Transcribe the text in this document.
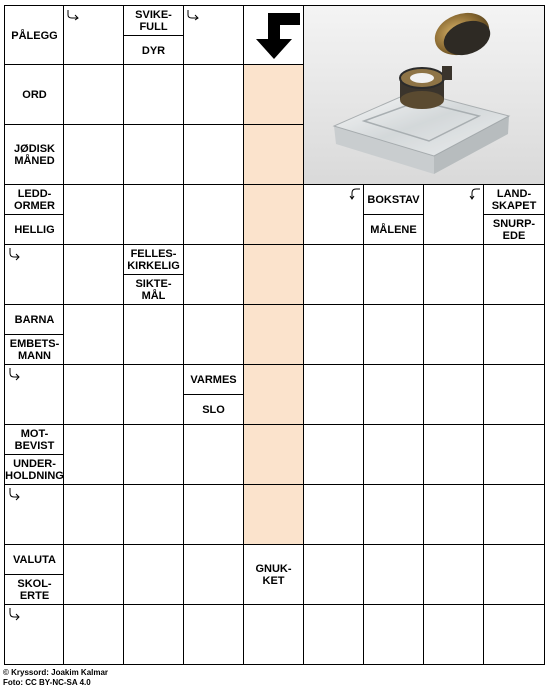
PÅLEGG
SVIKE-
FULL
DYR
ORD
JØDISK
MÅNED
LEDD-
ORMER
HELLIG
BOKSTAV
MÅLENE
LAND-
SKAPET
SNURP-
EDE
FELLES-
KIRKELIG
SIKTE-
MÅL
BARNA
EMBETS-
MANN
VARMES
SLO
MOT-
BEVIST
UNDER-
HOLDNING
VALUTA
SKOL-
ERTE
GNUK-
KET
© Kryssord: Joakim Kalmar
Foto: CC BY-NC-SA 4.0
